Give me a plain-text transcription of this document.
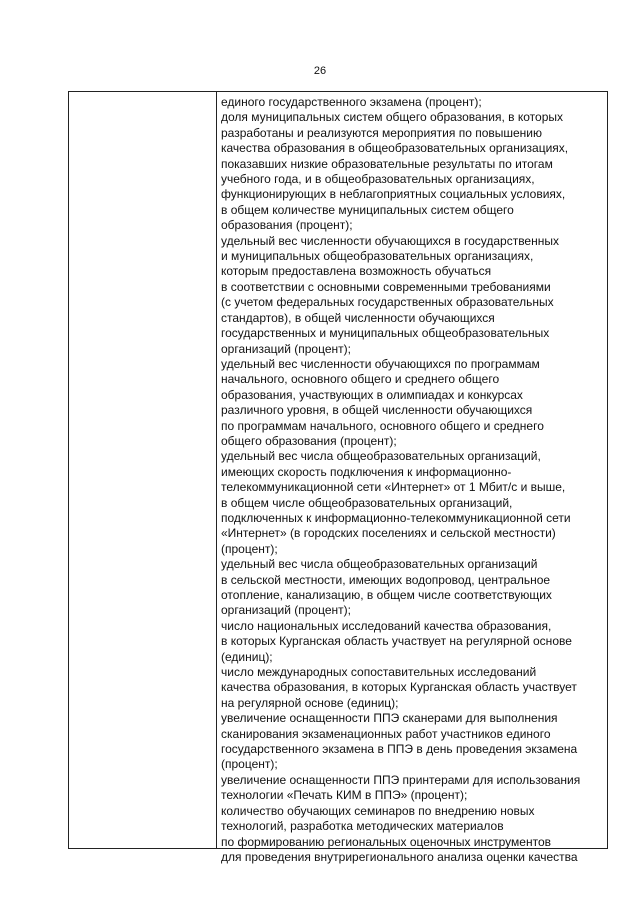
26
единого государственного экзамена (процент);
доля муниципальных систем общего образования, в которых
разработаны и реализуются мероприятия по повышению
качества образования в общеобразовательных организациях,
показавших низкие образовательные результаты по итогам
учебного года, и в общеобразовательных организациях,
функционирующих в неблагоприятных социальных условиях,
в общем количестве муниципальных систем общего
образования (процент);
удельный вес численности обучающихся в государственных
и муниципальных общеобразовательных организациях,
которым предоставлена возможность обучаться
в соответствии с основными современными требованиями
(с учетом федеральных государственных образовательных
стандартов), в общей численности обучающихся
государственных и муниципальных общеобразовательных
организаций (процент);
удельный вес численности обучающихся по программам
начального, основного общего и среднего общего
образования, участвующих в олимпиадах и конкурсах
различного уровня, в общей численности обучающихся
по программам начального, основного общего и среднего
общего образования (процент);
удельный вес числа общеобразовательных организаций,
имеющих скорость подключения к информационно-
телекоммуникационной сети «Интернет» от 1 Мбит/с и выше,
в общем числе общеобразовательных организаций,
подключенных к информационно-телекоммуникационной сети
«Интернет» (в городских поселениях и сельской местности)
(процент);
удельный вес числа общеобразовательных организаций
в сельской местности, имеющих водопровод, центральное
отопление, канализацию, в общем числе соответствующих
организаций (процент);
число национальных исследований качества образования,
в которых Курганская область участвует на регулярной основе
(единиц);
число международных сопоставительных исследований
качества образования, в которых Курганская область участвует
на регулярной основе (единиц);
увеличение оснащенности ППЭ сканерами для выполнения
сканирования экзаменационных работ участников единого
государственного экзамена в ППЭ в день проведения экзамена
(процент);
увеличение оснащенности ППЭ принтерами для использования
технологии «Печать КИМ в ППЭ» (процент);
количество обучающих семинаров по внедрению новых
технологий, разработка методических материалов
по формированию региональных оценочных инструментов
для проведения внутрирегионального анализа оценки качества
